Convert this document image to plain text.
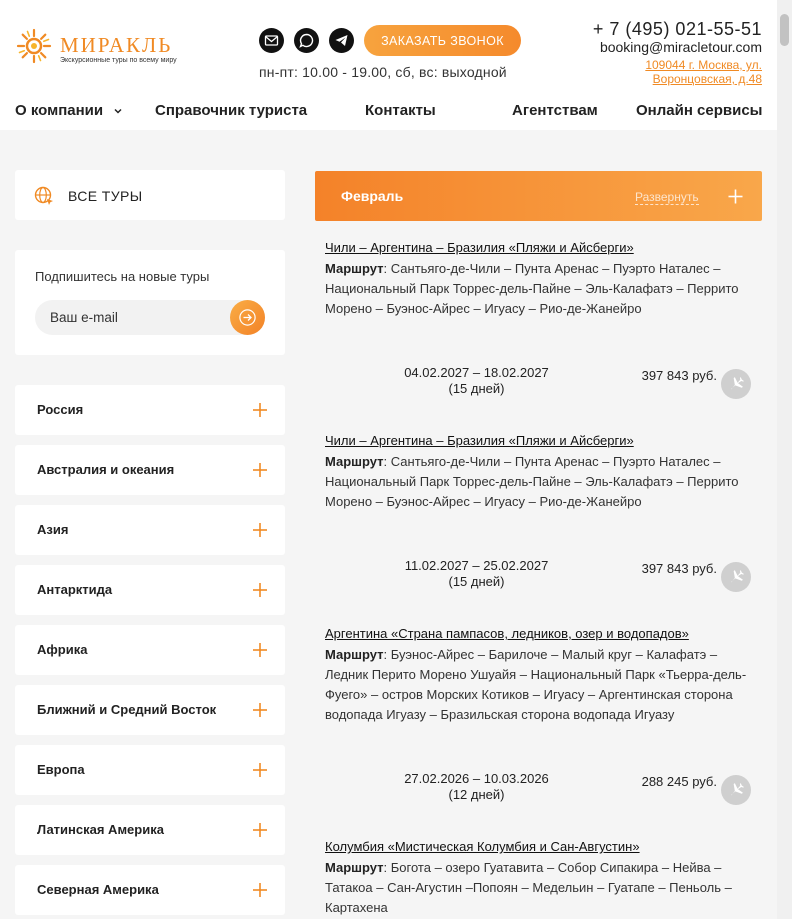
МИРАКЛЬ
Экскурсионные туры по всему миру
ЗАКАЗАТЬ ЗВОНОК
пн-пт: 10.00 - 19.00, сб, вс: выходной
+ 7 (495) 021-55-51
booking@miracletour.com
109044 г. Москва, ул. Воронцовская, д.48
О компании	Справочник туриста	Контакты	Агентствам	Онлайн сервисы
ВСЕ ТУРЫ
Подпишитесь на новые туры
Ваш e-mail
Россия
Австралия и океания
Азия
Антарктида
Африка
Ближний и Средний Восток
Европа
Латинская Америка
Северная Америка
Февраль	Развернуть
Чили – Аргентина – Бразилия «Пляжи и Айсберги»
Маршрут: Сантьяго-де-Чили – Пунта Аренас – Пуэрто Наталес – Национальный Парк Торрес-дель-Пайне – Эль-Калафатэ – Перрито Морено – Буэнос-Айрес – Игуасу – Рио-де-Жанейро
04.02.2027 – 18.02.2027
(15 дней)
397 843 руб.
Чили – Аргентина – Бразилия «Пляжи и Айсберги»
Маршрут: Сантьяго-де-Чили – Пунта Аренас – Пуэрто Наталес – Национальный Парк Торрес-дель-Пайне – Эль-Калафатэ – Перрито Морено – Буэнос-Айрес – Игуасу – Рио-де-Жанейро
11.02.2027 – 25.02.2027
(15 дней)
397 843 руб.
Аргентина «Страна пампасов, ледников, озер и водопадов»
Маршрут: Буэнос-Айрес – Барилоче – Малый круг – Калафатэ – Ледник Перито Морено Ушуайя – Национальный Парк «Тьерра-дель-Фуего» – остров Морских Котиков – Игуасу – Аргентинская сторона водопада Игуазу – Бразильская сторона водопада Игуазу
27.02.2026 – 10.03.2026
(12 дней)
288 245 руб.
Колумбия «Мистическая Колумбия и Сан-Августин»
Маршрут: Богота – озеро Гуатавита – Собор Сипакира – Нейва – Татакоа – Сан-Агустин –Попоян – Медельин – Гуатапе – Пеньоль – Картахена
